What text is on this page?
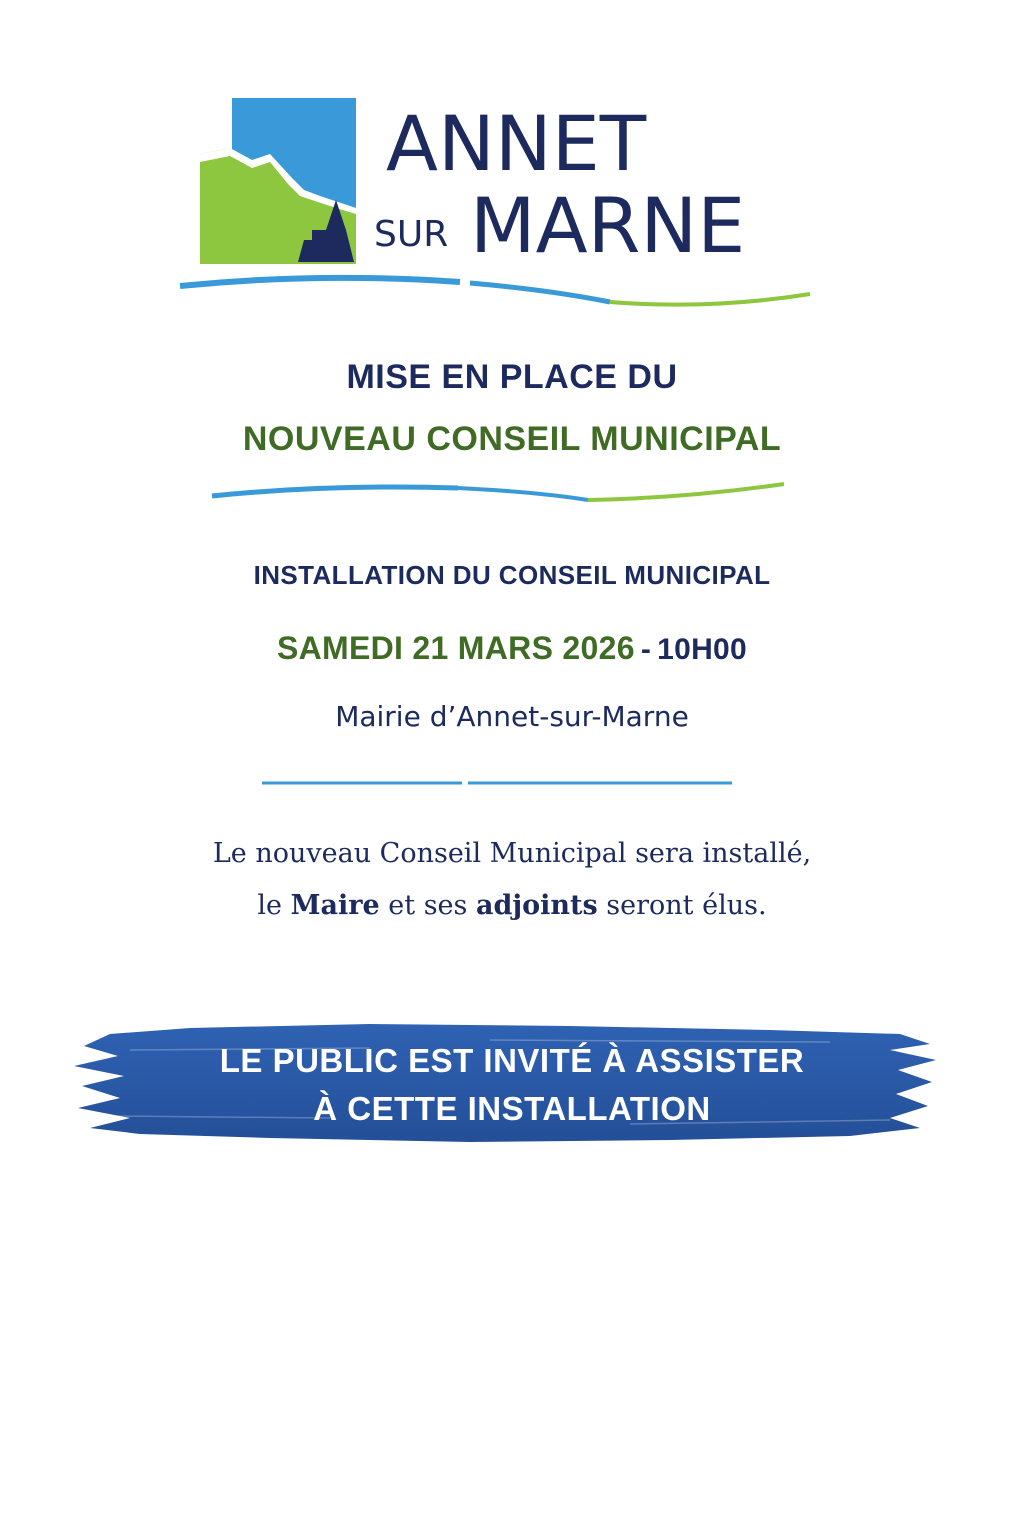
ANNET
SUR MARNE
MISE EN PLACE DU
NOUVEAU CONSEIL MUNICIPAL
INSTALLATION DU CONSEIL MUNICIPAL
SAMEDI 21 MARS 2026 - 10H00
Mairie d’Annet-sur-Marne
Le nouveau Conseil Municipal sera installé,
le Maire et ses adjoints seront élus.
LE PUBLIC EST INVITÉ À ASSISTER
À CETTE INSTALLATION
